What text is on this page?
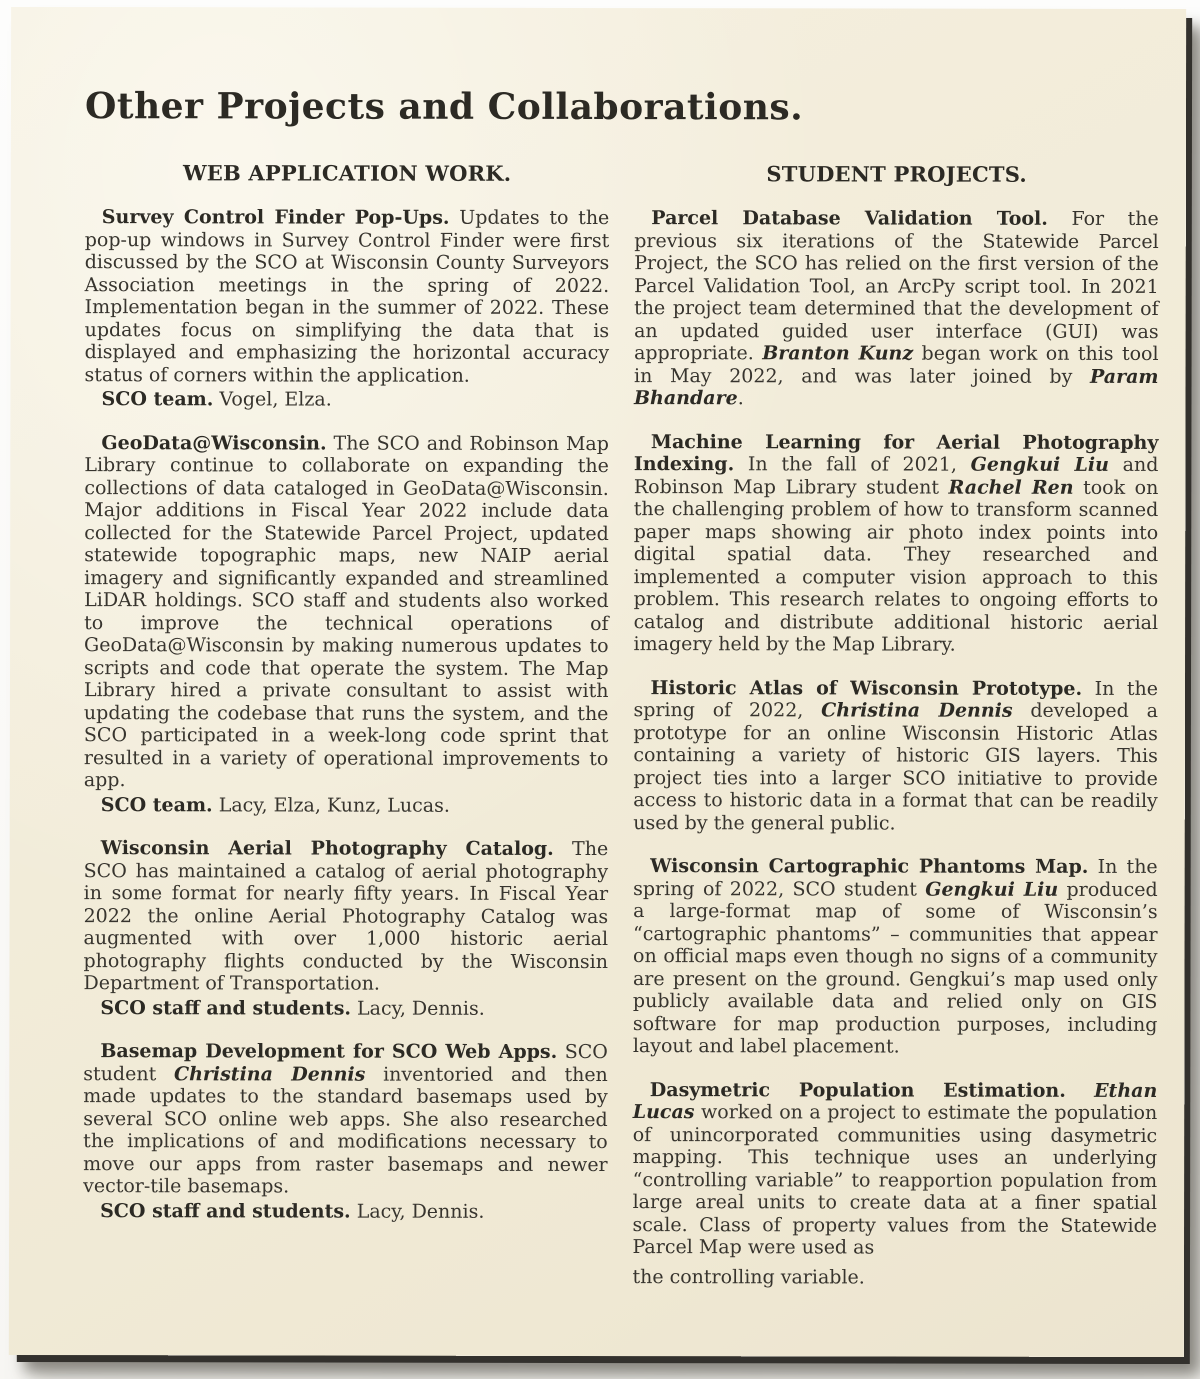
Other Projects and Collaborations.
WEB APPLICATION WORK.

Survey Control Finder Pop-Ups. Updates to the pop-up windows in Survey Control Finder were first discussed by the SCO at Wisconsin County Surveyors Association meetings in the spring of 2022. Implementation began in the summer of 2022. These updates focus on simplifying the data that is displayed and emphasizing the horizontal accuracy status of corners within the application.

SCO team. Vogel, Elza.

GeoData@Wisconsin. The SCO and Robinson Map Library continue to collaborate on expanding the collections of data cataloged in GeoData@Wisconsin. Major additions in Fiscal Year 2022 include data collected for the Statewide Parcel Project, updated statewide topographic maps, new NAIP aerial imagery and significantly expanded and streamlined LiDAR holdings. SCO staff and students also worked to improve the technical operations of GeoData@Wisconsin by making numerous updates to scripts and code that operate the system. The Map Library hired a private consultant to assist with updating the codebase that runs the system, and the SCO participated in a week-long code sprint that resulted in a variety of operational improvements to app.

SCO team. Lacy, Elza, Kunz, Lucas.

Wisconsin Aerial Photography Catalog. The SCO has maintained a catalog of aerial photography in some format for nearly fifty years. In Fiscal Year 2022 the online Aerial Photography Catalog was augmented with over 1,000 historic aerial photography flights conducted by the Wisconsin Department of Transportation.

SCO staff and students. Lacy, Dennis.

Basemap Development for SCO Web Apps. SCO student Christina Dennis inventoried and then made updates to the standard basemaps used by several SCO online web apps. She also researched the implications of and modifications necessary to move our apps from raster basemaps and newer vector-tile basemaps.

SCO staff and students. Lacy, Dennis.

STUDENT PROJECTS.

Parcel Database Validation Tool. For the previous six iterations of the Statewide Parcel Project, the SCO has relied on the first version of the Parcel Validation Tool, an ArcPy script tool. In 2021 the project team determined that the development of an updated guided user interface (GUI) was appropriate. Branton Kunz began work on this tool in May 2022, and was later joined by Param Bhandare.

Machine Learning for Aerial Photography Indexing. In the fall of 2021, Gengkui Liu and Robinson Map Library student Rachel Ren took on the challenging problem of how to transform scanned paper maps showing air photo index points into digital spatial data. They researched and implemented a computer vision approach to this problem. This research relates to ongoing efforts to catalog and distribute additional historic aerial imagery held by the Map Library.

Historic Atlas of Wisconsin Prototype. In the spring of 2022, Christina Dennis developed a prototype for an online Wisconsin Historic Atlas containing a variety of historic GIS layers. This project ties into a larger SCO initiative to provide access to historic data in a format that can be readily used by the general public.

Wisconsin Cartographic Phantoms Map. In the spring of 2022, SCO student Gengkui Liu produced a large-format map of some of Wisconsin’s “cartographic phantoms” – communities that appear on official maps even though no signs of a community are present on the ground. Gengkui’s map used only publicly available data and relied only on GIS software for map production purposes, including layout and label placement.

Dasymetric Population Estimation. Ethan Lucas worked on a project to estimate the population of unincorporated communities using dasymetric mapping. This technique uses an underlying “controlling variable” to reapportion population from large areal units to create data at a finer spatial scale. Class of property values from the Statewide Parcel Map were used as

the controlling variable.
